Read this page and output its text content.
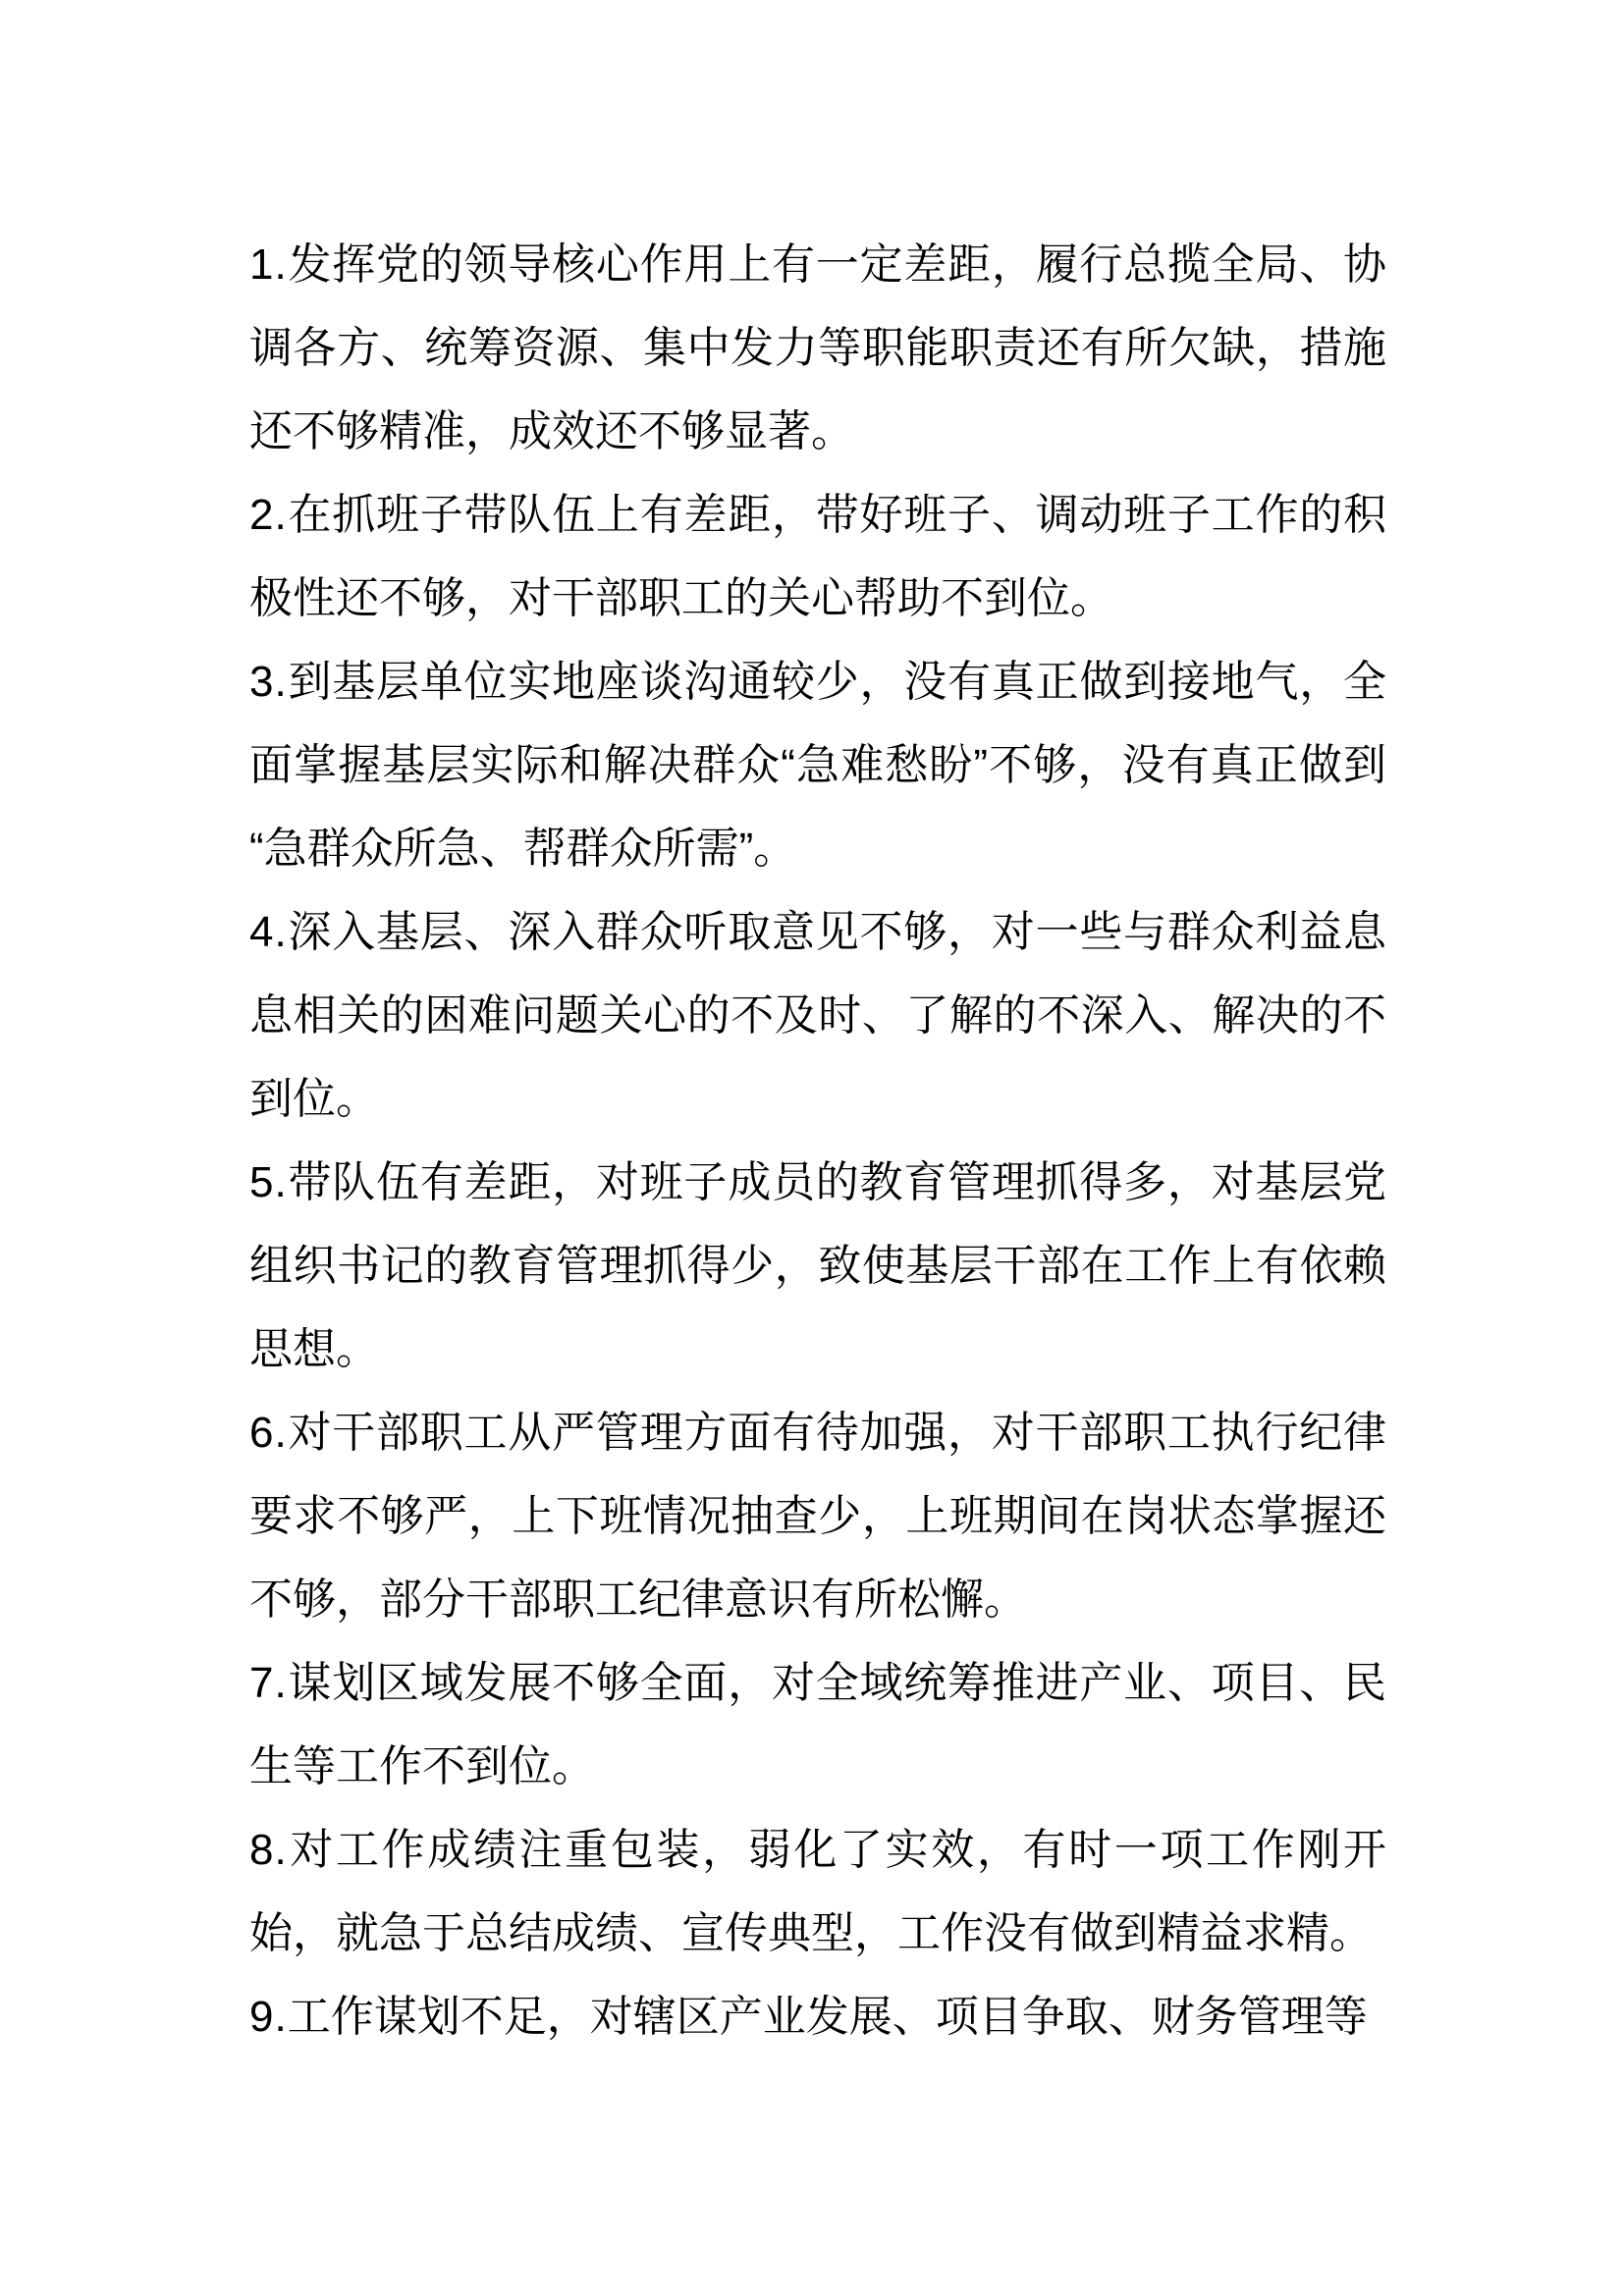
1.发挥党的领导核心作用上有一定差距，履行总揽全局、协调各方、统筹资源、集中发力等职能职责还有所欠缺，措施还不够精准，成效还不够显著。

2.在抓班子带队伍上有差距，带好班子、调动班子工作的积极性还不够，对干部职工的关心帮助不到位。

3.到基层单位实地座谈沟通较少，没有真正做到接地气，全面掌握基层实际和解决群众“急难愁盼”不够，没有真正做到“急群众所急、帮群众所需”。

4.深入基层、深入群众听取意见不够，对一些与群众利益息息相关的困难问题关心的不及时、了解的不深入、解决的不到位。

5.带队伍有差距，对班子成员的教育管理抓得多，对基层党组织书记的教育管理抓得少，致使基层干部在工作上有依赖思想。

6.对干部职工从严管理方面有待加强，对干部职工执行纪律要求不够严，上下班情况抽查少，上班期间在岗状态掌握还不够，部分干部职工纪律意识有所松懈。

7.谋划区域发展不够全面，对全域统筹推进产业、项目、民生等工作不到位。

8.对工作成绩注重包装，弱化了实效，有时一项工作刚开始，就急于总结成绩、宣传典型，工作没有做到精益求精。

9.工作谋划不足，对辖区产业发展、项目争取、财务管理等
